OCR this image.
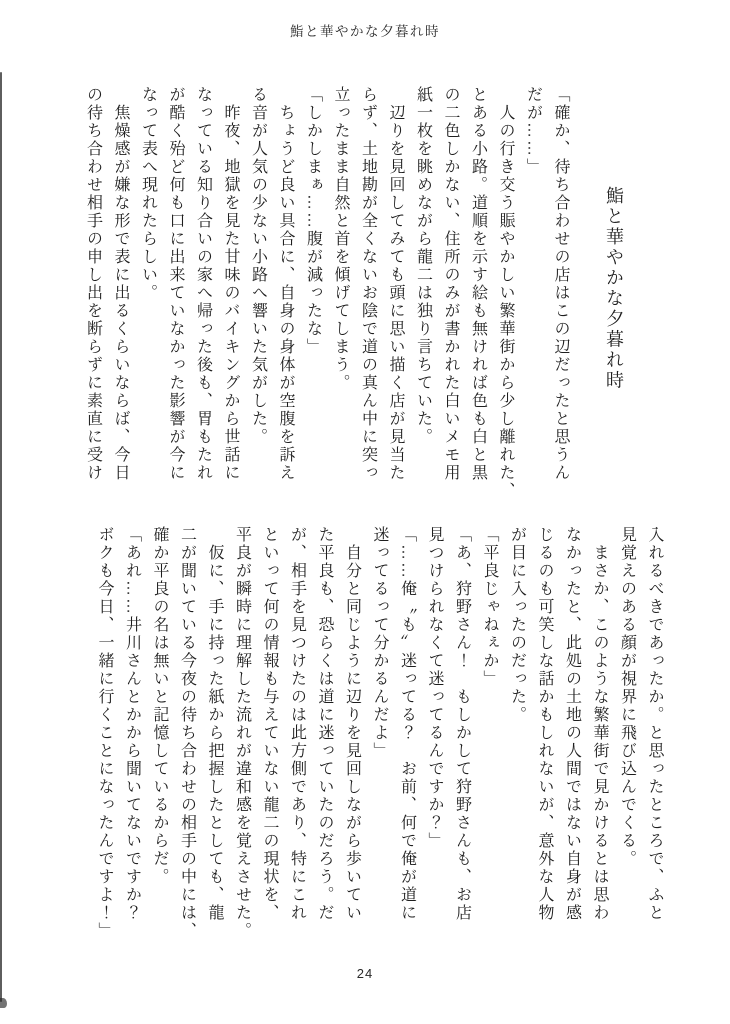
鮨と華やかな夕暮れ時
鮨と華やかな夕暮れ時
「確か、待ち合わせの店はこの辺だったと思うん
だが……」
　人の行き交う賑やかしい繁華街から少し離れた、
とある小路。道順を示す絵も無ければ色も白と黒
の二色しかない、住所のみが書かれた白いメモ用
紙一枚を眺めながら龍二は独り言ちていた。
　辺りを見回してみても頭に思い描く店が見当た
らず、土地勘が全くないお陰で道の真ん中に突っ
立ったまま自然と首を傾げてしまう。
「しかしまぁ……腹が減ったな」
　ちょうど良い具合に、自身の身体が空腹を訴え
る音が人気の少ない小路へ響いた気がした。
　昨夜、地獄を見た甘味のバイキングから世話に
なっている知り合いの家へ帰った後も、胃もたれ
が酷く殆ど何も口に出来ていなかった影響が今に
なって表へ現れたらしい。
　焦燥感が嫌な形で表に出るくらいならば、今日
の待ち合わせ相手の申し出を断らずに素直に受け
入れるべきであったか。と思ったところで、ふと
見覚えのある顔が視界に飛び込んでくる。
　まさか、このような繁華街で見かけるとは思わ
なかったと、此処の土地の人間ではない自身が感
じるのも可笑しな話かもしれないが、意外な人物
が目に入ったのだった。
「平良じゃねぇか」
「あ、狩野さん！　もしかして狩野さんも、お店
見つけられなくて迷ってるんですか？」
「……俺〝も〟迷ってる？　お前、何で俺が道に
迷ってるって分かるんだよ」
　自分と同じように辺りを見回しながら歩いてい
た平良も、恐らくは道に迷っていたのだろう。だ
が、相手を見つけたのは此方側であり、特にこれ
といって何の情報も与えていない龍二の現状を、
平良が瞬時に理解した流れが違和感を覚えさせた。
　仮に、手に持った紙から把握したとしても、龍
二が聞いている今夜の待ち合わせの相手の中には、
確か平良の名は無いと記憶しているからだ。
「あれ……井川さんとかから聞いてないですか？
ボクも今日、一緒に行くことになったんですよ！」
24
